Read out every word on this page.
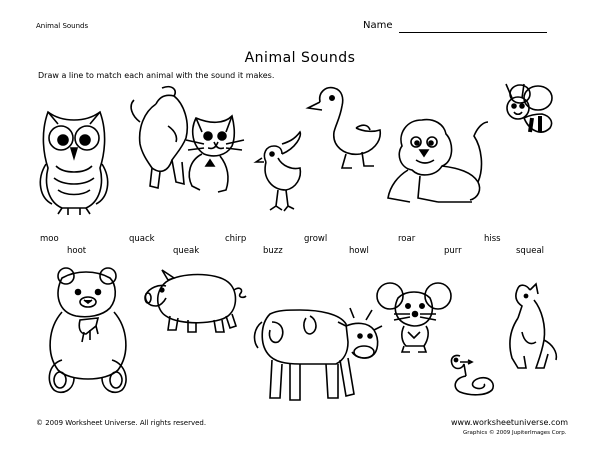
Animal Sounds	Name
Animal Sounds
Draw a line to match each animal with the sound it makes.
moo	quack	chirp	growl	roar	hiss
hoot	queak	buzz	howl	purr	squeal
© 2009 Worksheet Universe. All rights reserved.	www.worksheetuniverse.com
Graphics © 2009 JupiterImages Corp.
